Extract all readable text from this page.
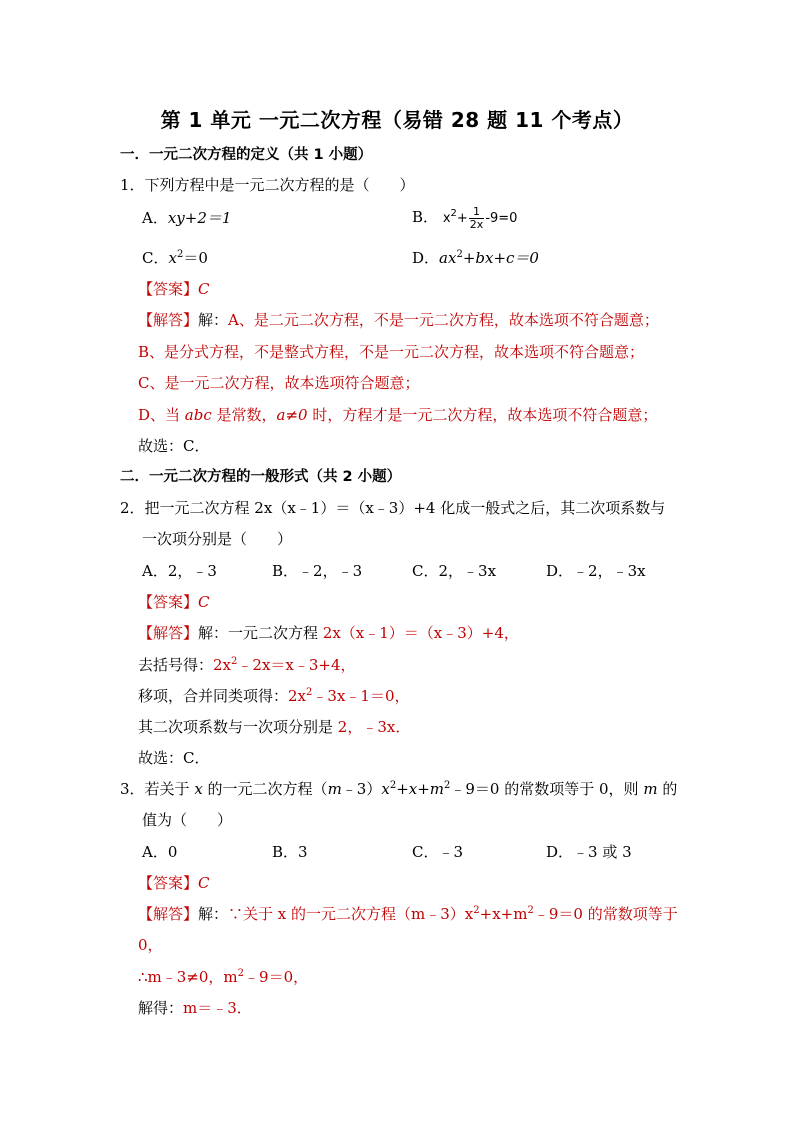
第 1 单元 一元二次方程（易错 28 题 11 个考点）
一．一元二次方程的定义（共 1 小题）
1．下列方程中是一元二次方程的是（　　）
A．xy+2＝1	B． $x^2+ \frac{1}{2x} -9=0$
C．$x^2=0$	D．$ax^2+bx+c=0$
【答案】C
【解答】解：A、是二元二次方程，不是一元二次方程，故本选项不符合题意；
B、是分式方程，不是整式方程，不是一元二次方程，故本选项不符合题意；
C、是一元二次方程，故本选项符合题意；
D、当 abc 是常数，a≠0 时，方程才是一元二次方程，故本选项不符合题意；
故选：C．
二．一元二次方程的一般形式（共 2 小题）
2．把一元二次方程 2x（x﹣1）＝（x﹣3）+4 化成一般式之后，其二次项系数与
一次项分别是（　　）
A．2，﹣3	B．﹣2，﹣3	C．2，﹣3x	D．﹣2，﹣3x
【答案】C
【解答】解：一元二次方程 2x（x﹣1）＝（x﹣3）+4，
去括号得：$2x^2﹣2x=x﹣3+4$，
移项，合并同类项得：$2x^2﹣3x﹣1=0$，
其二次项系数与一次项分别是 2，﹣3x．
故选：C．
3．若关于 x 的一元二次方程$(m﹣3)x^2+x+m^2﹣9=0$ 的常数项等于 0，则 m 的
值为（　　）
A．0	B．3	C．﹣3	D．﹣3 或 3
【答案】C
【解答】解：∵关于 x 的一元二次方程$(m﹣3)x^2+x+m^2﹣9=0$ 的常数项等于
0，
∴m﹣3≠0，$m^2﹣9=0$，
解得：m＝﹣3．
